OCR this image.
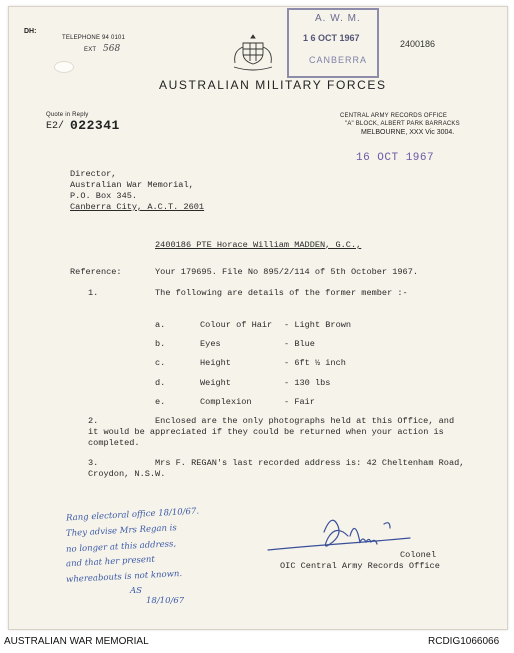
DH:
TELEPHONE 94 0101
EXT 568
AUSTRALIAN MILITARY FORCES
A. W. M.
1 6 OCT 1967
CANBERRA
2400186
Quote in Reply
E2/ 022341
CENTRAL ARMY RECORDS OFFICE
"A" BLOCK, ALBERT PARK BARRACKS
MELBOURNE, XXX Vic 3004.
16 OCT 1967
Director,
Australian War Memorial,
P.O. Box 345.
Canberra City, A.C.T. 2601
2400186 PTE Horace William MADDEN, G.C.,
Reference:	Your 179695. File No 895/2/114 of 5th October 1967.
1.	The following are details of the former member :-
a.	Colour of Hair - Light Brown
b.	Eyes	- Blue
c.	Height	- 6ft ½ inch
d.	Weight	- 130 lbs
e.	Complexion	- Fair
2.	Enclosed are the only photographs held at this Office, and
it would be appreciated if they could be returned when your action is
completed.
3.	Mrs F. REGAN's last recorded address is: 42 Cheltenham Road,
Croydon, N.S.W.
Rang electoral office 18/10/67.
They advise Mrs Regan is
no longer at this address,
and that her present
whereabouts is not known.
AS
18/10/67
Colonel
OIC Central Army Records Office
AUSTRALIAN WAR MEMORIAL	RCDIG1066066
